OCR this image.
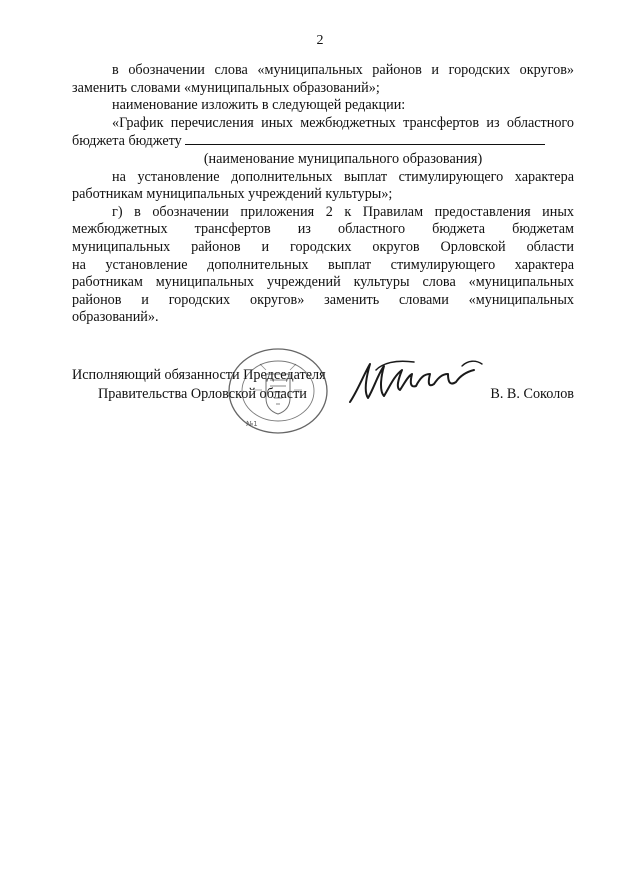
2

в обозначении слова «муниципальных районов и городских округов»

заменить словами «муниципальных образований»;

наименование изложить в следующей редакции:

«График перечисления иных межбюджетных трансфертов из областного

бюджета бюджету

(наименование муниципального образования)

на установление дополнительных выплат стимулирующего характера

работникам муниципальных учреждений культуры»;

г) в обозначении приложения 2 к Правилам предоставления иных

межбюджетных трансфертов из областного бюджета бюджетам

муниципальных районов и городских округов Орловской области

на установление дополнительных выплат стимулирующего характера

работникам муниципальных учреждений культуры слова «муниципальных

районов и городских округов» заменить словами «муниципальных

образований».

Исполняющий обязанности Председателя
Правительства Орловской области	В. В. Соколов
№1
